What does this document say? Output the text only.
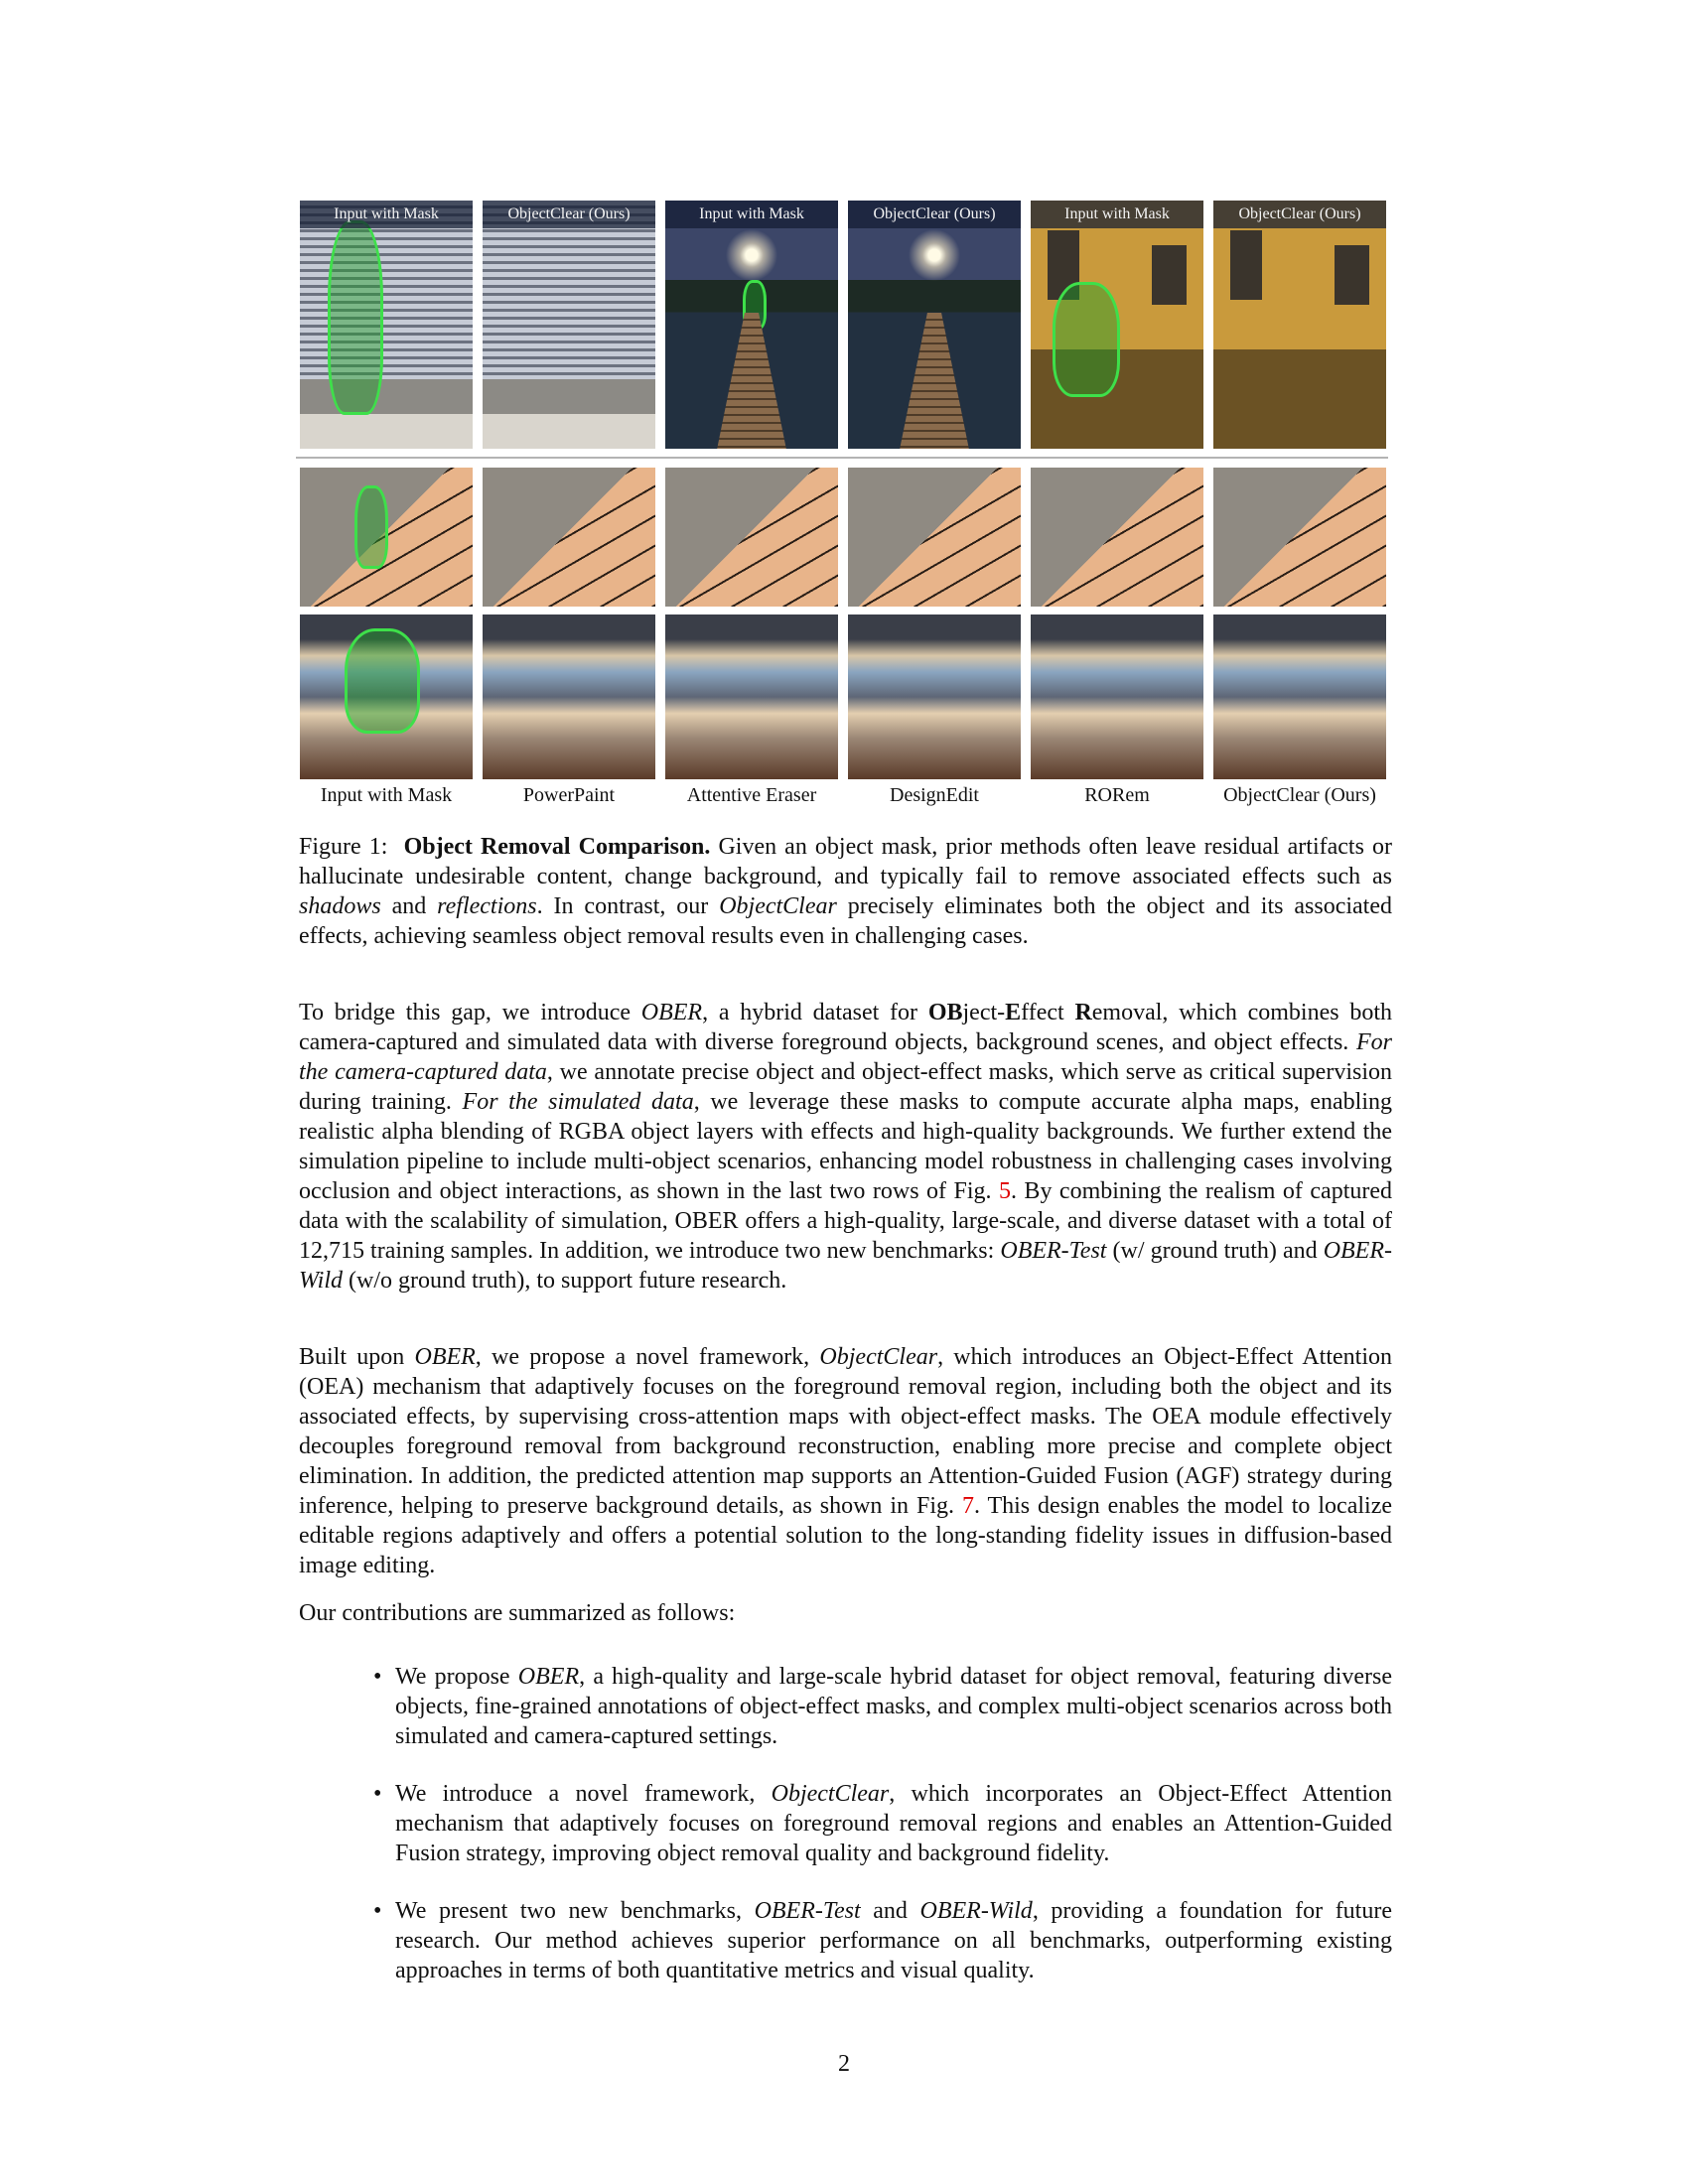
Input with Mask	ObjectClear (Ours)	Input with Mask	ObjectClear (Ours)	Input with Mask	ObjectClear (Ours)
Input with Mask	PowerPaint	Attentive Eraser	DesignEdit	RORem	ObjectClear (Ours)
Figure 1: Object Removal Comparison. Given an object mask, prior methods often leave residual artifacts or hallucinate undesirable content, change background, and typically fail to remove associated effects such as shadows and reflections. In contrast, our ObjectClear precisely eliminates both the object and its associated effects, achieving seamless object removal results even in challenging cases.
To bridge this gap, we introduce OBER, a hybrid dataset for OBject-Effect Removal, which combines both camera-captured and simulated data with diverse foreground objects, background scenes, and object effects. For the camera-captured data, we annotate precise object and object-effect masks, which serve as critical supervision during training. For the simulated data, we leverage these masks to compute accurate alpha maps, enabling realistic alpha blending of RGBA object layers with effects and high-quality backgrounds. We further extend the simulation pipeline to include multi-object scenarios, enhancing model robustness in challenging cases involving occlusion and object interactions, as shown in the last two rows of Fig. 5. By combining the realism of captured data with the scalability of simulation, OBER offers a high-quality, large-scale, and diverse dataset with a total of 12,715 training samples. In addition, we introduce two new benchmarks: OBER-Test (w/ ground truth) and OBER-Wild (w/o ground truth), to support future research.
Built upon OBER, we propose a novel framework, ObjectClear, which introduces an Object-Effect Attention (OEA) mechanism that adaptively focuses on the foreground removal region, including both the object and its associated effects, by supervising cross-attention maps with object-effect masks. The OEA module effectively decouples foreground removal from background reconstruction, enabling more precise and complete object elimination. In addition, the predicted attention map supports an Attention-Guided Fusion (AGF) strategy during inference, helping to preserve background details, as shown in Fig. 7. This design enables the model to localize editable regions adaptively and offers a potential solution to the long-standing fidelity issues in diffusion-based image editing.
Our contributions are summarized as follows:
• We propose OBER, a high-quality and large-scale hybrid dataset for object removal, featuring diverse objects, fine-grained annotations of object-effect masks, and complex multi-object scenarios across both simulated and camera-captured settings.
• We introduce a novel framework, ObjectClear, which incorporates an Object-Effect Attention mechanism that adaptively focuses on foreground removal regions and enables an Attention-Guided Fusion strategy, improving object removal quality and background fidelity.
• We present two new benchmarks, OBER-Test and OBER-Wild, providing a foundation for future research. Our method achieves superior performance on all benchmarks, outperforming existing approaches in terms of both quantitative metrics and visual quality.
2
